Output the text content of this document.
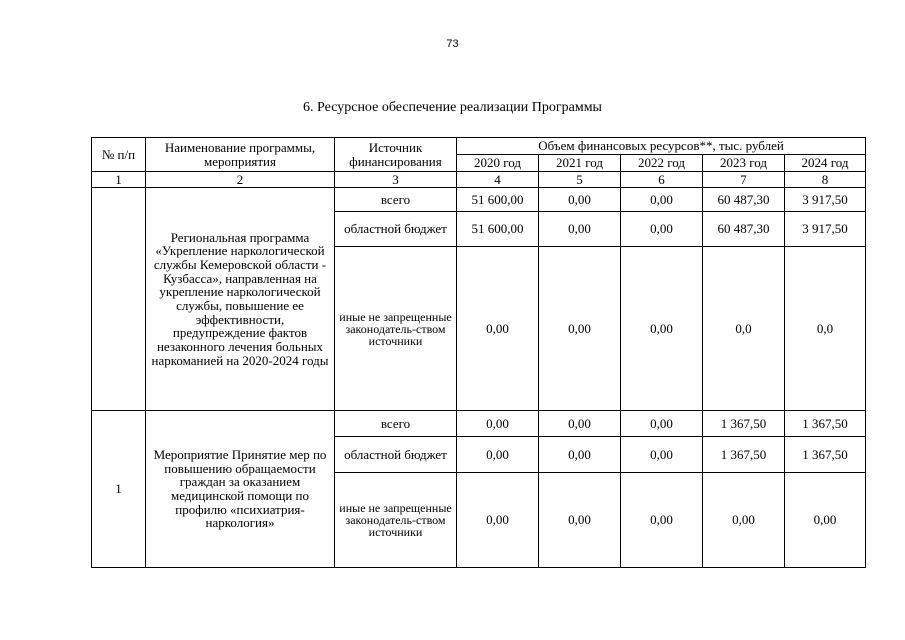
73
6. Ресурсное обеспечение реализации Программы
№ п/п	Наименование программы, мероприятия	Источник финансирования	Объем финансовых ресурсов**, тыс. рублей				
			2020 год	2021 год	2022 год	2023 год	2024 год
1	2	3	4	5	6	7	8
	Региональная программа «Укрепление наркологической службы Кемеровской области - Кузбасса», направленная на укрепление наркологической службы, повышение ее эффективности, предупреждение фактов незаконного лечения больных наркоманией на 2020-2024 годы	всего	51 600,00	0,00	0,00	60 487,30	3 917,50
		областной бюджет	51 600,00	0,00	0,00	60 487,30	3 917,50
		иные не запрещенные законодатель-ством источники	0,00	0,00	0,00	0,0	0,0
1	Мероприятие Принятие мер по повышению обращаемости граждан за оказанием медицинской помощи по профилю «психиатрия-наркология»	всего	0,00	0,00	0,00	1 367,50	1 367,50
		областной бюджет	0,00	0,00	0,00	1 367,50	1 367,50
		иные не запрещенные законодатель-ством источники	0,00	0,00	0,00	0,00	0,00
